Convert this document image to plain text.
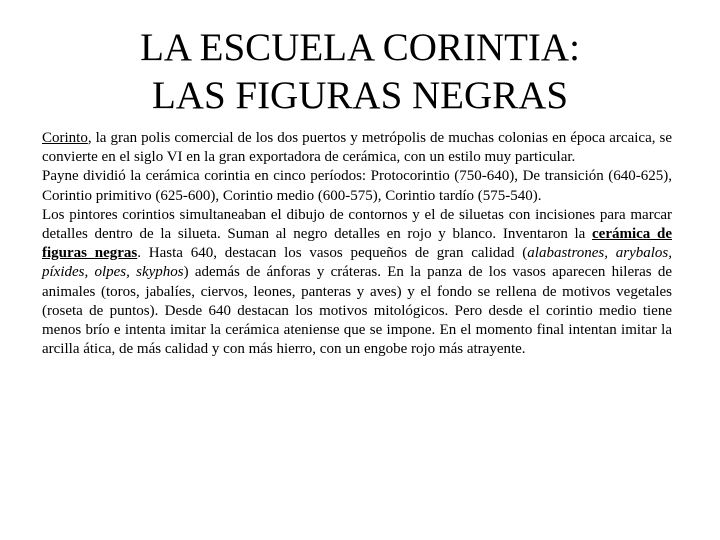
LA ESCUELA CORINTIA:
LAS FIGURAS NEGRAS

Corinto, la gran polis comercial de los dos puertos y metrópolis de muchas colonias en época arcaica, se convierte en el siglo VI en la gran exportadora de cerámica, con un estilo muy particular.

Payne dividió la cerámica corintia en cinco períodos: Protocorintio (750-640), De transición (640-625), Corintio primitivo (625-600), Corintio medio (600-575), Corintio tardío (575-540).

Los pintores corintios simultaneaban el dibujo de contornos y el de siluetas con incisiones para marcar detalles dentro de la silueta. Suman al negro detalles en rojo y blanco. Inventaron la cerámica de figuras negras. Hasta 640, destacan los vasos pequeños de gran calidad (alabastrones, arybalos, píxides, olpes, skyphos) además de ánforas y cráteras. En la panza de los vasos aparecen hileras de animales (toros, jabalíes, ciervos, leones, panteras y aves) y el fondo se rellena de motivos vegetales (roseta de puntos). Desde 640 destacan los motivos mitológicos. Pero desde el corintio medio tiene menos brío e intenta imitar la cerámica ateniense que se impone. En el momento final intentan imitar la arcilla ática, de más calidad y con más hierro, con un engobe rojo más atrayente.
